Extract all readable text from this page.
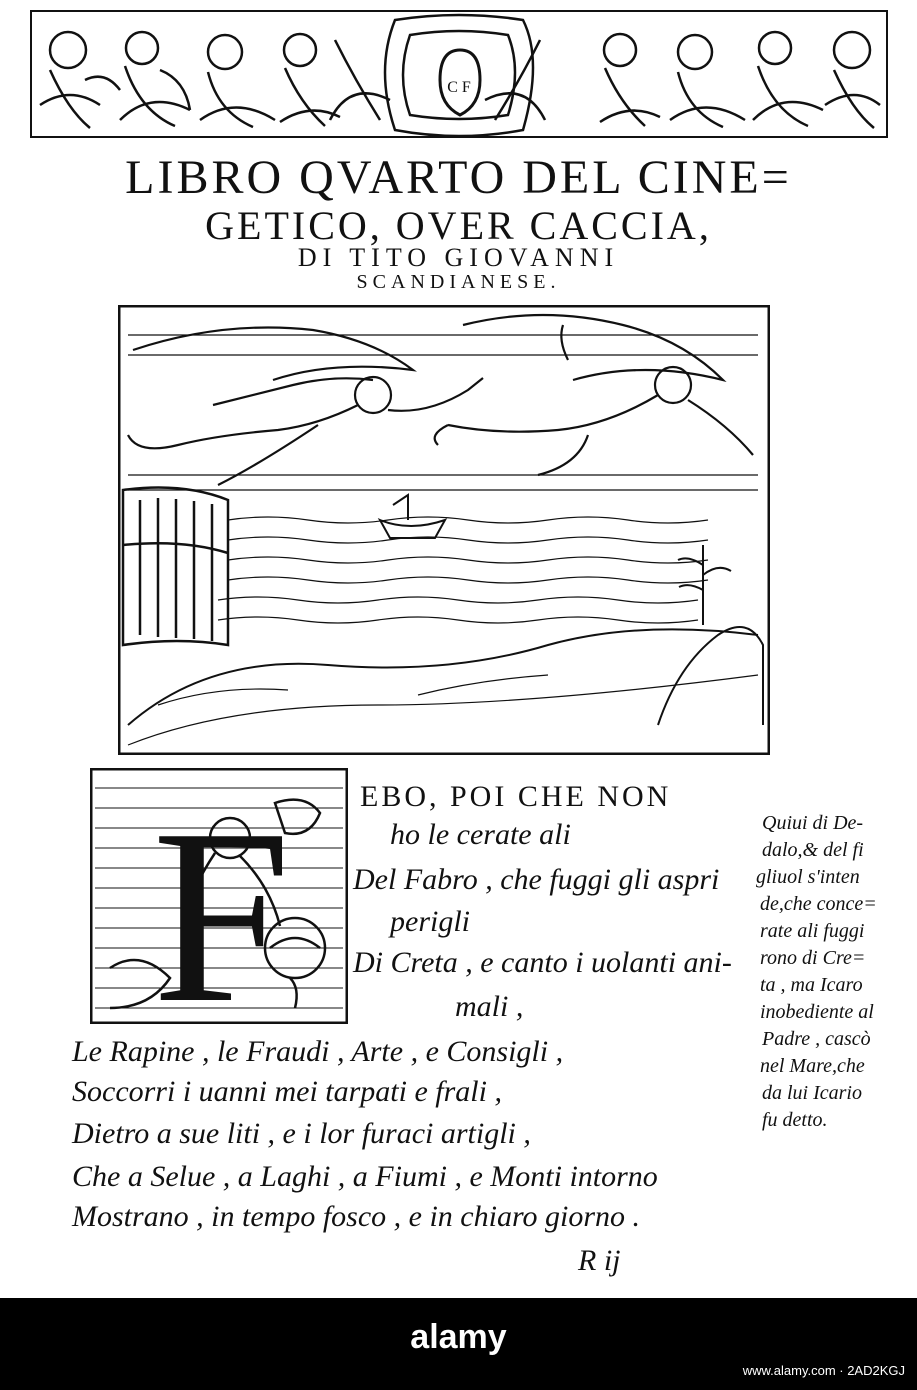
C F
LIBRO QVARTO DEL CINE=
GETICO, OVER CACCIA,
DI TITO GIOVANNI
SCANDIANESE.
F EBO, POI CHE NON
ho le cerate ali
Del Fabro , che fuggi gli aspri
perigli
Di Creta , e canto i uolanti ani-
mali ,
Le Rapine , le Fraudi , Arte , e Consigli ,
Soccorri i uanni mei tarpati e frali ,
Dietro a sue liti , e i lor furaci artigli ,
Che a Selue , a Laghi , a Fiumi , e Monti intorno
Mostrano , in tempo fosco , e in chiaro giorno .
Quiui di De-
dalo,& del fi
gliuol s'inten
de,che conce=
rate ali fuggi
rono di Cre=
ta , ma Icaro
inobediente al
Padre , cascò
nel Mare,che
da lui Icario
fu detto.
R ij
alamy
www.alamy.com · 2AD2KGJ
